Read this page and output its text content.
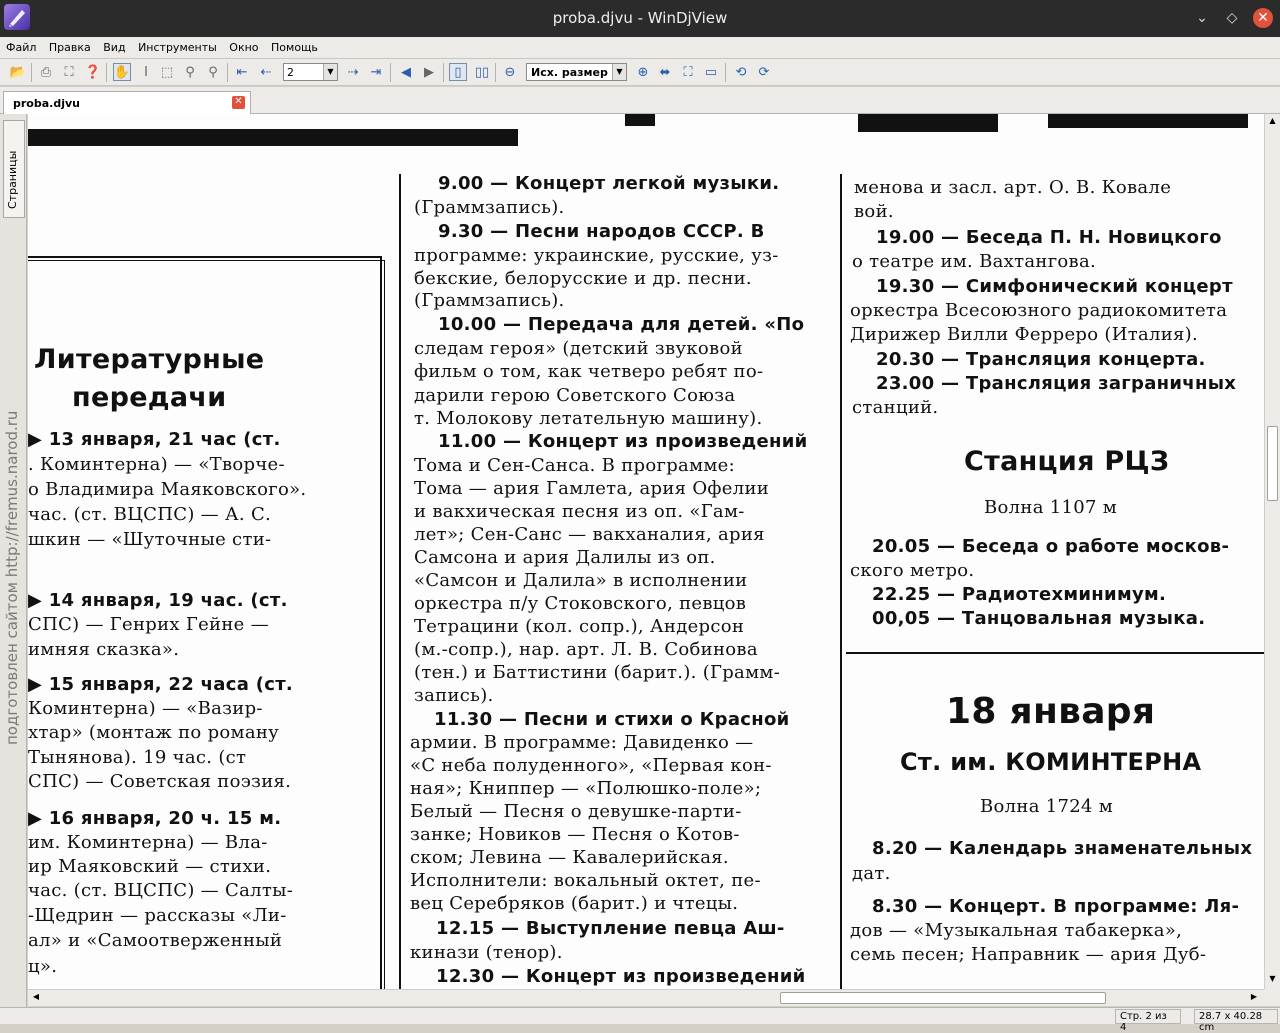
proba.djvu - WinDjView	⌄	◇	✕
Файл Правка Вид Инструменты Окно Помощь
📂 ⎙	⛶ ❓ ✋	I ⬚ ⚲	⚲	⇤ ⇠	⇢ ⇥	◀	▶	▯	▯▯ ⊖	⊕ ⬌ ⛶ ▭ ⟲ ⟳
2	▼	Исх. размер	▼
proba.djvu	✕
Страницы
подготовлен сайтом http://fremus.narod.ru
Литературные
передачи
▶ 13 января, 21 час (ст.
. Коминтерна) — «Творче-
о Владимира Маяковского».
час. (ст. ВЦСПС) — А. С.
шкин — «Шуточные сти-
▶ 14 января, 19 час. (ст.
СПС) — Генрих Гейне —
имняя сказка».
▶ 15 января, 22 часа (ст.
Коминтерна) — «Вазир-
хтар» (монтаж по роману
Тынянова). 19 час. (ст
СПС) — Советская поэзия.
▶ 16 января, 20 ч. 15 м.
им. Коминтерна) — Вла-
ир Маяковский — стихи.
час. (ст. ВЦСПС) — Салты-
-Щедрин — рассказы «Ли-
ал» и «Самоотверженный
ц».
9.00 — Концерт легкой музыки.
(Граммзапись).
9.30 — Песни народов СССР. В
программе: украинские, русские, уз-
бекские, белорусские и др. песни.
(Граммзапись).
10.00 — Передача для детей. «По
следам героя» (детский звуковой
фильм о том, как четверо ребят по-
дарили герою Советского Союза
т. Молокову летательную машину).
11.00 — Концерт из произведений
Тома и Сен-Санса. В программе:
Тома — ария Гамлета, ария Офелии
и вакхическая песня из оп. «Гам-
лет»; Сен-Санс — вакханалия, ария
Самсона и ария Далилы из оп.
«Самсон и Далила» в исполнении
оркестра п/у Стоковского, певцов
Тетрацини (кол. сопр.), Андерсон
(м.-сопр.), нар. арт. Л. В. Собинова
(тен.) и Баттистини (барит.). (Грамм-
запись).
11.30 — Песни и стихи о Красной
армии. В программе: Давиденко —
«С неба полуденного», «Первая кон-
ная»; Книппер — «Полюшко-поле»;
Белый — Песня о девушке-парти-
занке; Новиков — Песня о Котов-
ском; Левина — Кавалерийская.
Исполнители: вокальный октет, пе-
вец Серебряков (барит.) и чтецы.
12.15 — Выступление певца Аш-
кинази (тенор).
12.30 — Концерт из произведений
менова и засл. арт. О. В. Ковале
вой.
19.00 — Беседа П. Н. Новицкого
о театре им. Вахтангова.
19.30 — Симфонический концерт
оркестра Всесоюзного радиокомитета
Дирижер Вилли Ферреро (Италия).
20.30 — Трансляция концерта.
23.00 — Трансляция заграничных
станций.
Станция РЦЗ
Волна 1107 м
20.05 — Беседа о работе москов-
ского метро.
22.25 — Радиотехминимум.
00,05 — Танцовальная музыка.
18 января
Ст. им. КОМИНТЕРНА
Волна 1724 м
8.20 — Календарь знаменательных
дат.
8.30 — Концерт. В программе: Ля-
дов — «Музыкальная табакерка»,
семь песен; Направник — ария Дуб-
▲
▼
◀	▶
Стр. 2 из 4
28.7 x 40.28 cm
